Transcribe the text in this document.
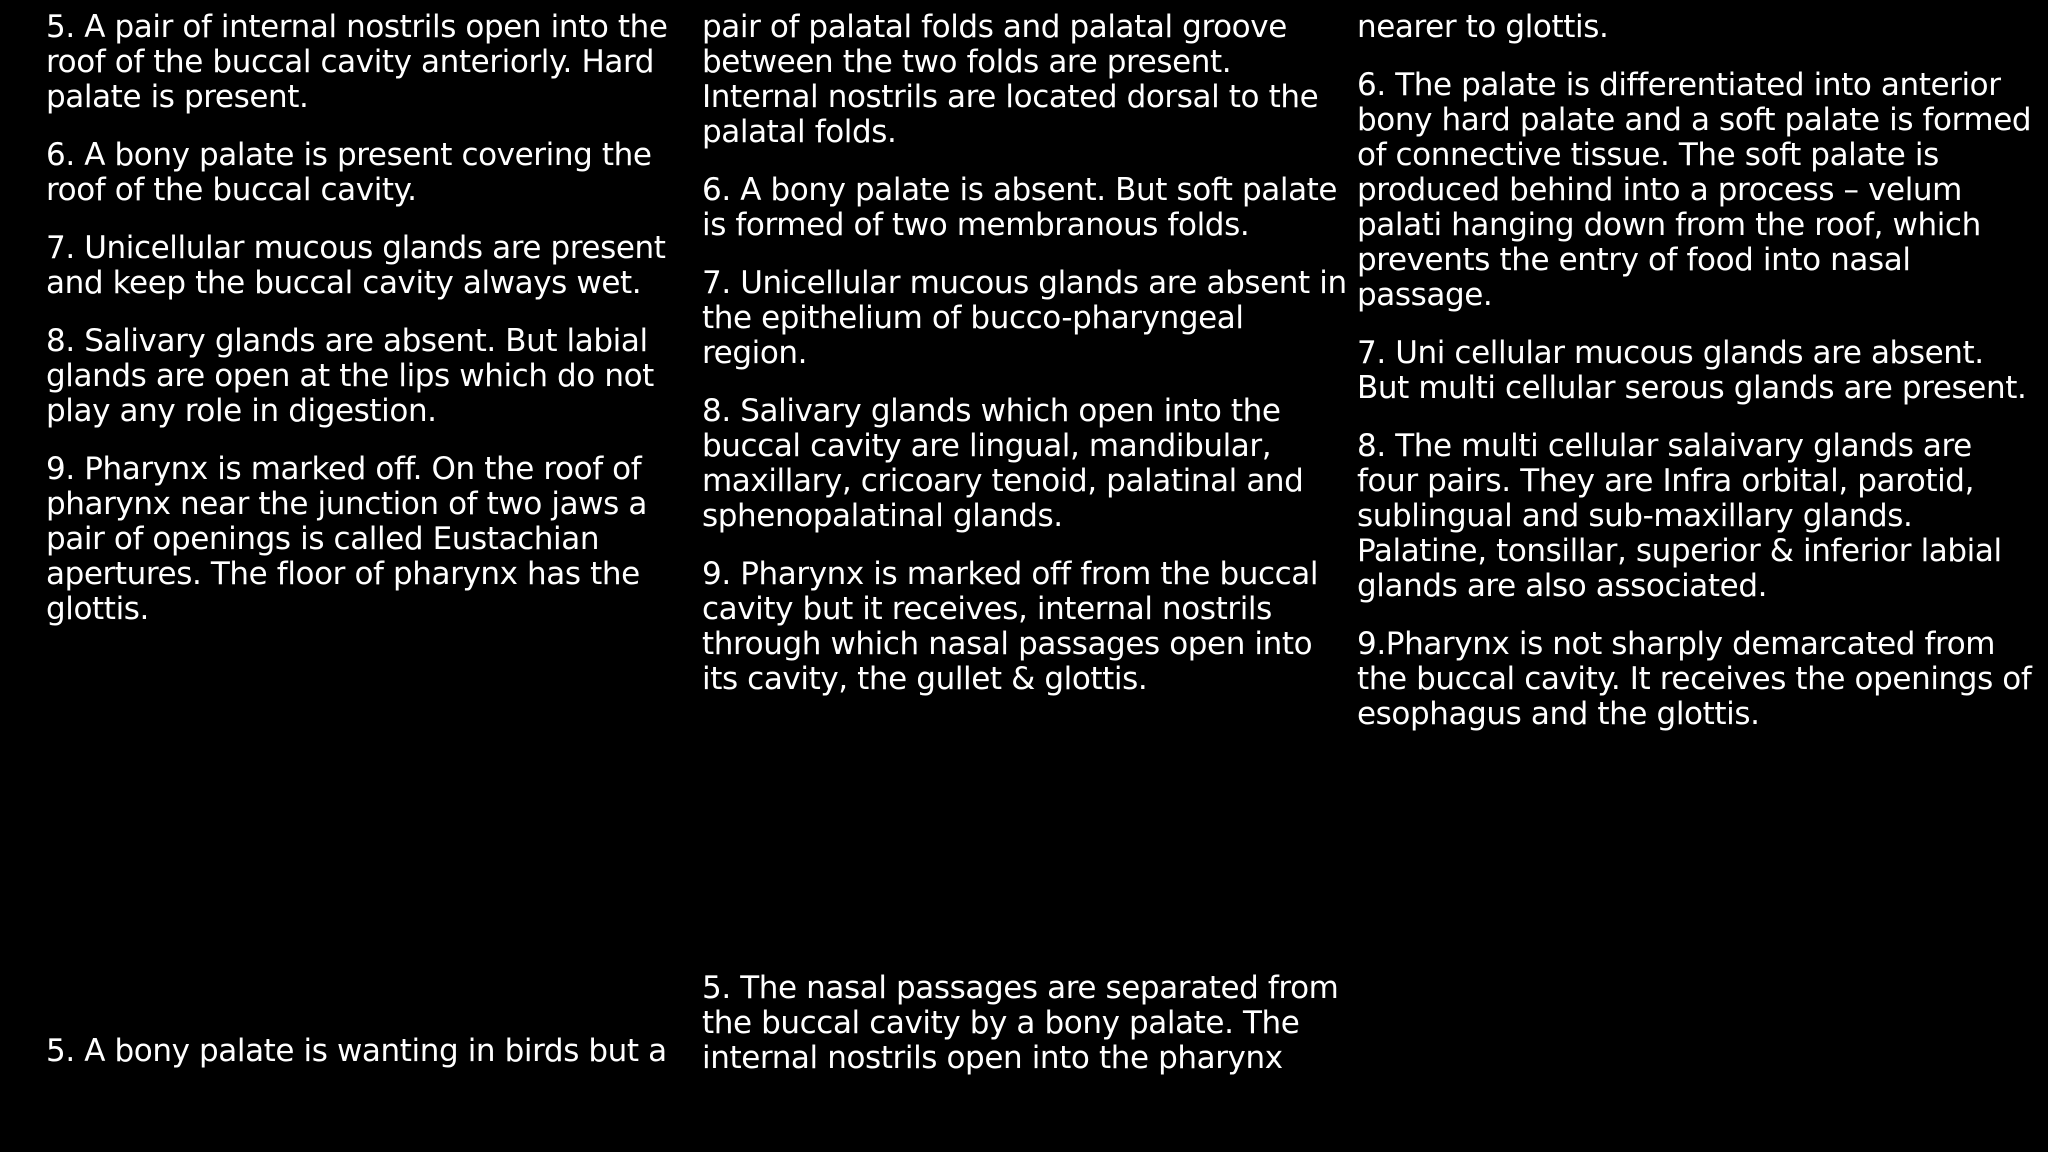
5. A pair of internal nostrils open into the roof of the buccal cavity anteriorly. Hard palate is present.

6. A bony palate is present covering the roof of the buccal cavity.

7. Unicellular mucous glands are present and keep the buccal cavity always wet.

8. Salivary glands are absent. But labial glands are open at the lips which do not play any role in digestion.

9. Pharynx is marked off. On the roof of pharynx near the junction of two jaws a pair of openings is called Eustachian apertures. The floor of pharynx has the glottis.

pair of palatal folds and palatal groove between the two folds are present. Internal nostrils are located dorsal to the palatal folds.

6. A bony palate is absent. But soft palate is formed of two membranous folds.

7. Unicellular mucous glands are absent in the epithelium of bucco-pharyngeal region.

8. Salivary glands which open into the buccal cavity are lingual, mandibular, maxillary, cricoary tenoid, palatinal and sphenopalatinal glands.

9. Pharynx is marked off from the buccal cavity but it receives, internal nostrils through which nasal passages open into its cavity, the gullet & glottis.

nearer to glottis.

6. The palate is differentiated into anterior bony hard palate and a soft palate is formed of connective tissue. The soft palate is produced behind into a process – velum palati hanging down from the roof, which prevents the entry of food into nasal passage.

7. Uni cellular mucous glands are absent. But multi cellular serous glands are present.

8. The multi cellular salaivary glands are four pairs. They are Infra orbital, parotid, sublingual and sub-maxillary glands. Palatine, tonsillar, superior & inferior labial glands are also associated.

9.Pharynx is not sharply demarcated from the buccal cavity. It receives the openings of esophagus and the glottis.

5. A bony palate is wanting in birds but a

5. The nasal passages are separated from the buccal cavity by a bony palate. The internal nostrils open into the pharynx
